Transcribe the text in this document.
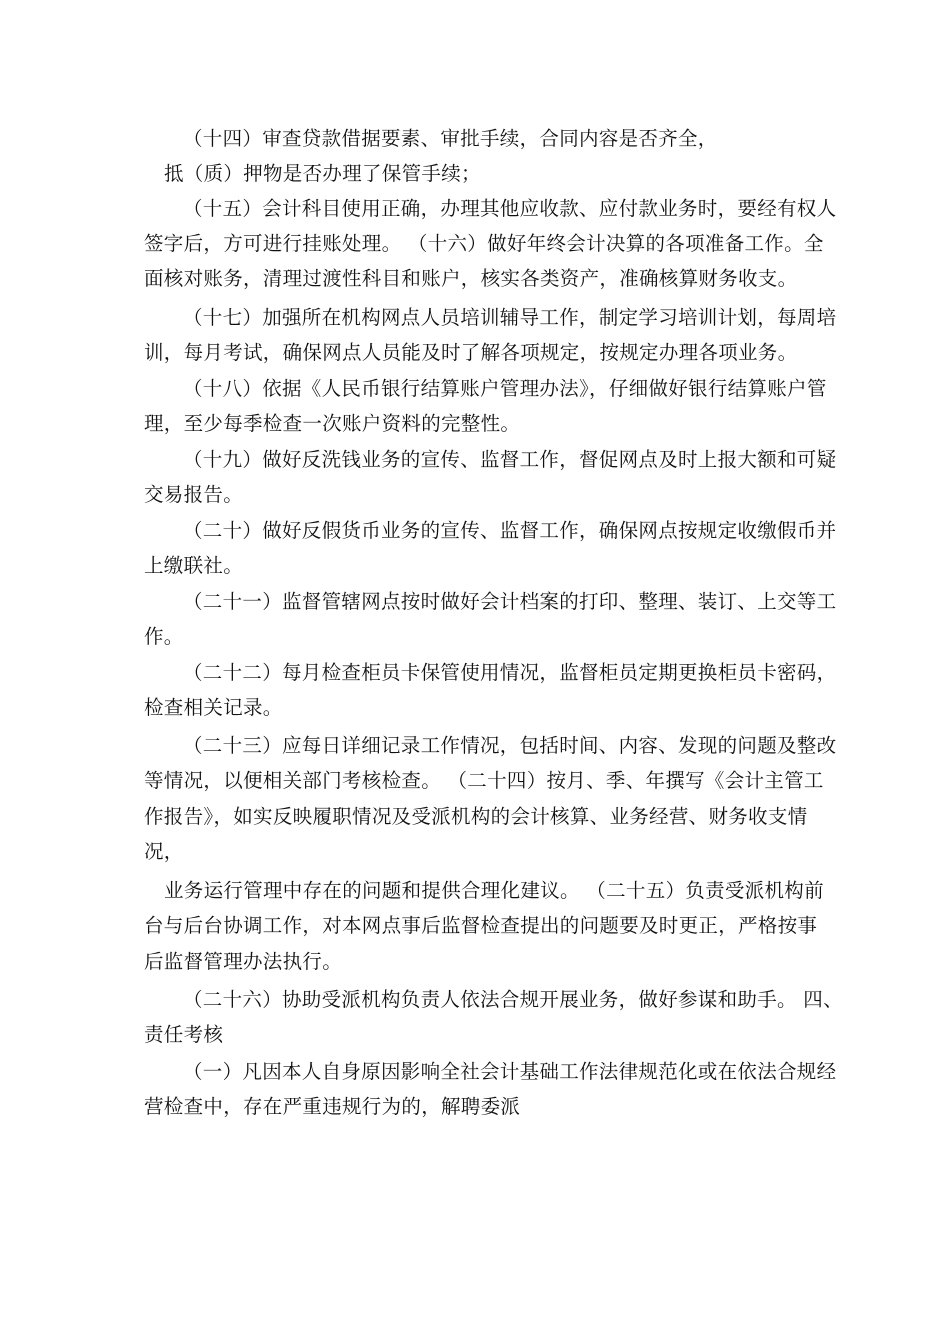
（十四）审查贷款借据要素、审批手续，合同内容是否齐全，
抵（质）押物是否办理了保管手续；
（十五）会计科目使用正确，办理其他应收款、应付款业务时，要经有权人
签字后，方可进行挂账处理。 （十六）做好年终会计决算的各项准备工作。全
面核对账务，清理过渡性科目和账户，核实各类资产，准确核算财务收支。
（十七）加强所在机构网点人员培训辅导工作，制定学习培训计划，每周培
训，每月考试，确保网点人员能及时了解各项规定，按规定办理各项业务。
（十八）依据《人民币银行结算账户管理办法》，仔细做好银行结算账户管
理，至少每季检查一次账户资料的完整性。
（十九）做好反洗钱业务的宣传、监督工作，督促网点及时上报大额和可疑
交易报告。
（二十）做好反假货币业务的宣传、监督工作，确保网点按规定收缴假币并
上缴联社。
（二十一）监督管辖网点按时做好会计档案的打印、整理、装订、上交等工
作。
（二十二）每月检查柜员卡保管使用情况，监督柜员定期更换柜员卡密码，
检查相关记录。
（二十三）应每日详细记录工作情况，包括时间、内容、发现的问题及整改
等情况，以便相关部门考核检查。 （二十四）按月、季、年撰写《会计主管工
作报告》，如实反映履职情况及受派机构的会计核算、业务经营、财务收支情
况，
业务运行管理中存在的问题和提供合理化建议。 （二十五）负责受派机构前
台与后台协调工作，对本网点事后监督检查提出的问题要及时更正，严格按事
后监督管理办法执行。
（二十六）协助受派机构负责人依法合规开展业务，做好参谋和助手。 四、
责任考核
（一）凡因本人自身原因影响全社会计基础工作法律规范化或在依法合规经
营检查中，存在严重违规行为的，解聘委派
